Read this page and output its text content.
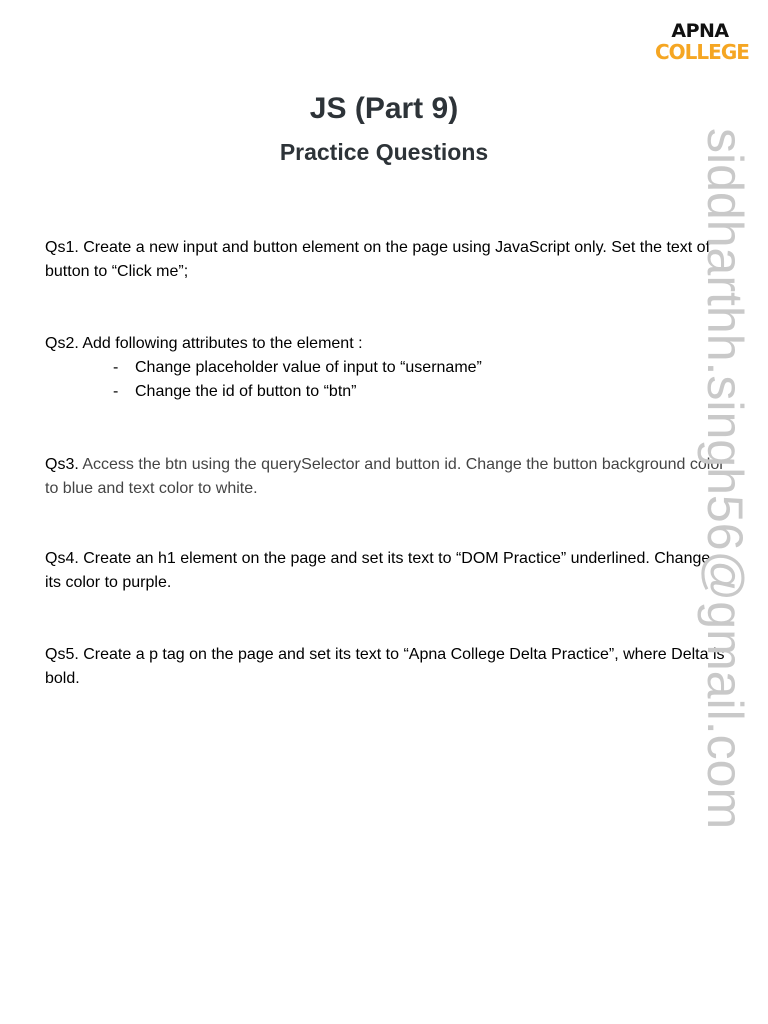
APNA
COLLEGE
JS (Part 9)
Practice Questions
Qs1. Create a new input and button element on the page using JavaScript only. Set the text of button to “Click me”;
Qs2. Add following attributes to the element :
- Change placeholder value of input to “username”
- Change the id of button to “btn”
Qs3. Access the btn using the querySelector and button id. Change the button background color to blue and text color to white.
Qs4. Create an h1 element on the page and set its text to “DOM Practice” underlined. Change its color to purple.
Qs5. Create a p tag on the page and set its text to “Apna College Delta Practice”, where Delta is bold.	siddharthh.singh56@gmail.com
